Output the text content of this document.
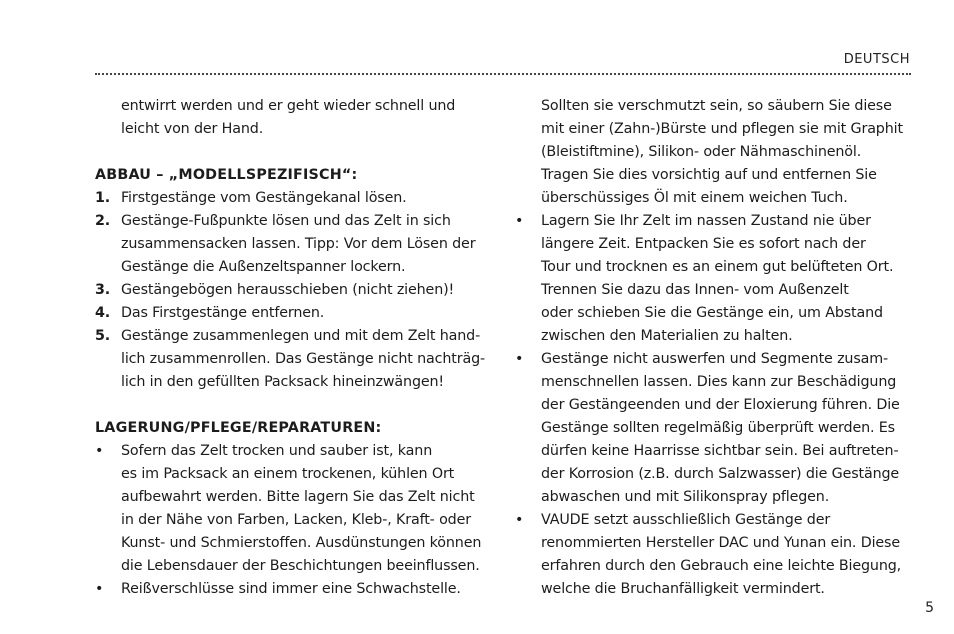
DEUTSCH
entwirrt werden und er geht wieder schnell und
leicht von der Hand.
ABBAU – „MODELLSPEZIFISCH“:
1. Firstgestänge vom Gestängekanal lösen.
2. Gestänge-Fußpunkte lösen und das Zelt in sich
zusammensacken lassen. Tipp: Vor dem Lösen der
Gestänge die Außenzeltspanner lockern.
3. Gestängebögen herausschieben (nicht ziehen)!
4. Das Firstgestänge entfernen.
5. Gestänge zusammenlegen und mit dem Zelt hand-
lich zusammenrollen. Das Gestänge nicht nachträg-
lich in den gefüllten Packsack hineinzwängen!
LAGERUNG/PFLEGE/REPARATUREN:
• Sofern das Zelt trocken und sauber ist, kann
es im Packsack an einem trockenen, kühlen Ort
aufbewahrt werden. Bitte lagern Sie das Zelt nicht
in der Nähe von Farben, Lacken, Kleb-, Kraft- oder
Kunst- und Schmierstoffen. Ausdünstungen können
die Lebensdauer der Beschichtungen beeinflussen.
• Reißverschlüsse sind immer eine Schwachstelle.
Sollten sie verschmutzt sein, so säubern Sie diese
mit einer (Zahn-)Bürste und pflegen sie mit Graphit
(Bleistiftmine), Silikon- oder Nähmaschinenöl.
Tragen Sie dies vorsichtig auf und entfernen Sie
überschüssiges Öl mit einem weichen Tuch.
• Lagern Sie Ihr Zelt im nassen Zustand nie über
längere Zeit. Entpacken Sie es sofort nach der
Tour und trocknen es an einem gut belüfteten Ort.
Trennen Sie dazu das Innen- vom Außenzelt
oder schieben Sie die Gestänge ein, um Abstand
zwischen den Materialien zu halten.
• Gestänge nicht auswerfen und Segmente zusam-
menschnellen lassen. Dies kann zur Beschädigung
der Gestängeenden und der Eloxierung führen. Die
Gestänge sollten regelmäßig überprüft werden. Es
dürfen keine Haarrisse sichtbar sein. Bei auftreten-
der Korrosion (z.B. durch Salzwasser) die Gestänge
abwaschen und mit Silikonspray pflegen.
• VAUDE setzt ausschließlich Gestänge der
renommierten Hersteller DAC und Yunan ein. Diese
erfahren durch den Gebrauch eine leichte Biegung,
welche die Bruchanfälligkeit vermindert.
5
